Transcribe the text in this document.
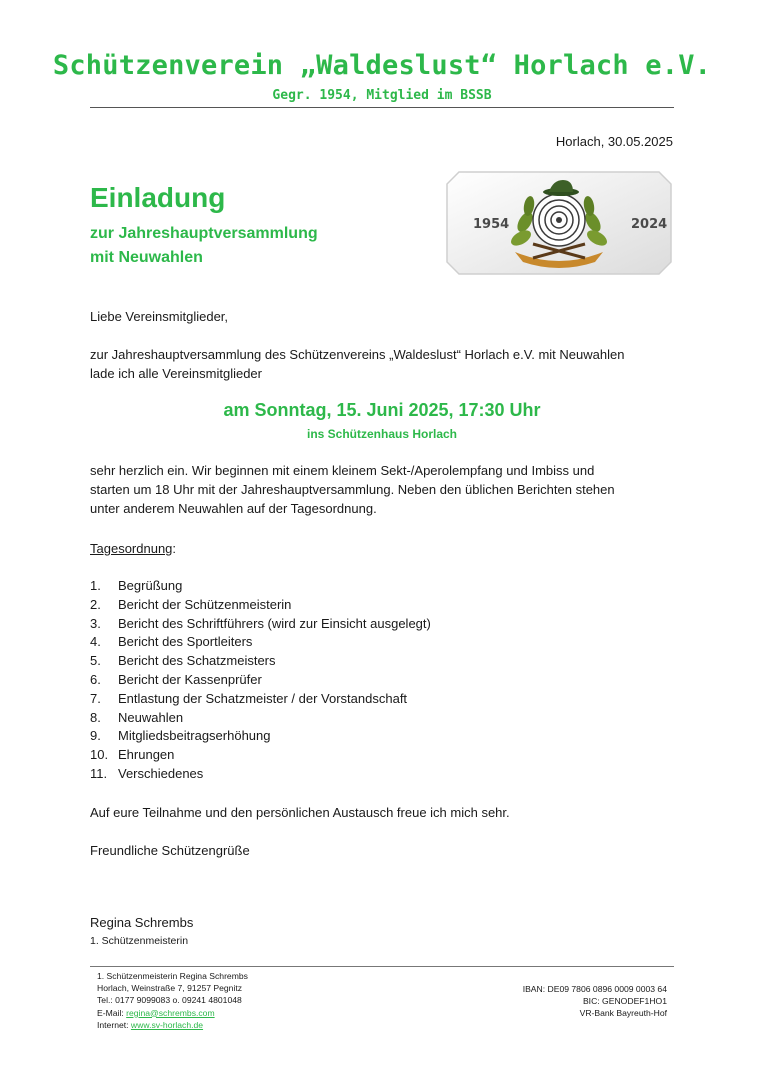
Schützenverein „Waldeslust“ Horlach e.V.
Gegr. 1954, Mitglied im BSSB
Horlach, 30.05.2025
Einladung
zur Jahreshauptversammlung
mit Neuwahlen
1954	2024
Liebe Vereinsmitglieder,
zur Jahreshauptversammlung des Schützenvereins „Waldeslust“ Horlach e.V. mit Neuwahlen
lade ich alle Vereinsmitglieder
am Sonntag, 15. Juni 2025, 17:30 Uhr
ins Schützenhaus Horlach
sehr herzlich ein. Wir beginnen mit einem kleinem Sekt-/Aperolempfang und Imbiss und
starten um 18 Uhr mit der Jahreshauptversammlung. Neben den üblichen Berichten stehen
unter anderem Neuwahlen auf der Tagesordnung.
Tagesordnung:
1.	Begrüßung
2.	Bericht der Schützenmeisterin
3.	Bericht des Schriftführers (wird zur Einsicht ausgelegt)
4.	Bericht des Sportleiters
5.	Bericht des Schatzmeisters
6.	Bericht der Kassenprüfer
7.	Entlastung der Schatzmeister / der Vorstandschaft
8.	Neuwahlen
9.	Mitgliedsbeitragserhöhung
10. Ehrungen
11. Verschiedenes
Auf eure Teilnahme und den persönlichen Austausch freue ich mich sehr.
Freundliche Schützengrüße
Regina Schrembs
1. Schützenmeisterin
1. Schützenmeisterin Regina Schrembs
Horlach, Weinstraße 7, 91257 Pegnitz
Tel.: 0177 9099083 o. 09241 4801048
E-Mail: regina@schrembs.com
Internet: www.sv-horlach.de
IBAN: DE09 7806 0896 0009 0003 64
BIC: GENODEF1HO1
VR-Bank Bayreuth-Hof
